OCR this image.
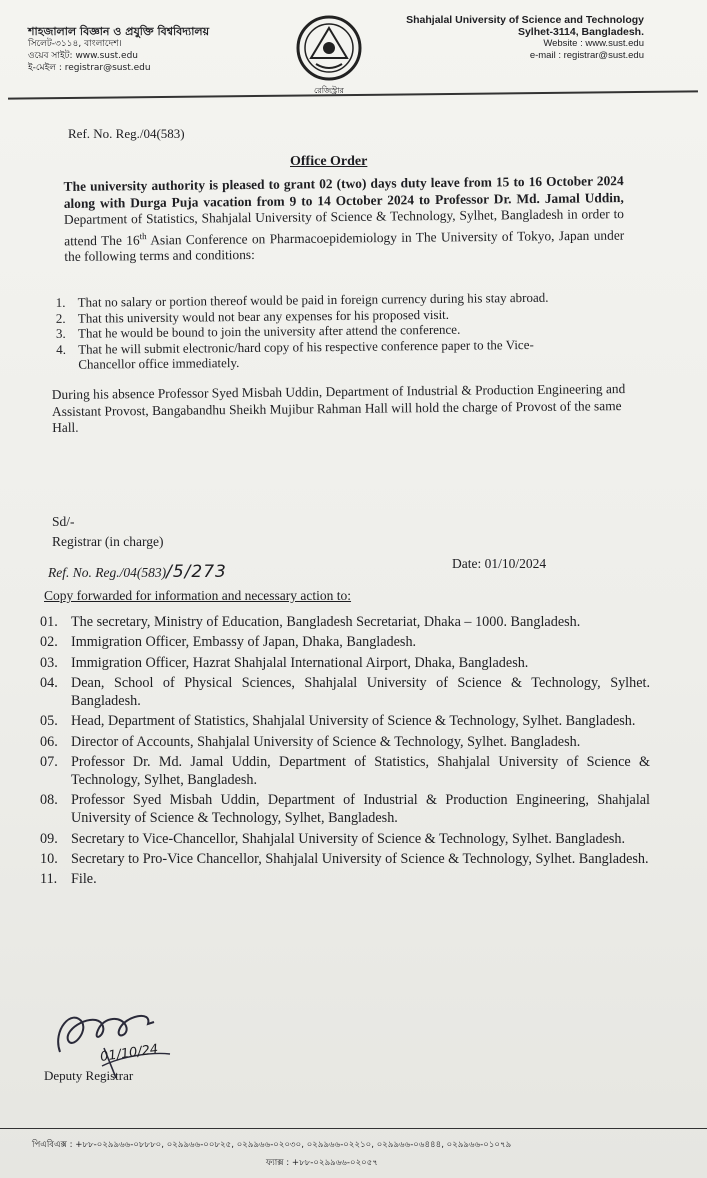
শাহজালাল বিজ্ঞান ও প্রযুক্তি বিশ্ববিদ্যালয়
সিলেট-৩১১৪, বাংলাদেশ।
ওয়েব সাইট: www.sust.edu
ই-মেইল : registrar@sust.edu
রেজিস্ট্রার
Shahjalal University of Science and Technology
Sylhet-3114, Bangladesh.
Website : www.sust.edu
e-mail : registrar@sust.edu
Ref. No. Reg./04(583)
Office Order
The university authority is pleased to grant 02 (two) days duty leave from 15 to 16 October 2024 along with Durga Puja vacation from 9 to 14 October 2024 to Professor Dr. Md. Jamal Uddin, Department of Statistics, Shahjalal University of Science & Technology, Sylhet, Bangladesh in order to attend The 16th Asian Conference on Pharmacoepidemiology in The University of Tokyo, Japan under the following terms and conditions:
1. That no salary or portion thereof would be paid in foreign currency during his stay abroad.
2. That this university would not bear any expenses for his proposed visit.
3. That he would be bound to join the university after attend the conference.
4. That he will submit electronic/hard copy of his respective conference paper to the Vice-Chancellor office immediately.
During his absence Professor Syed Misbah Uddin, Department of Industrial & Production Engineering and Assistant Provost, Bangabandhu Sheikh Mujibur Rahman Hall will hold the charge of Provost of the same Hall.
Sd/-
Registrar (in charge)
Ref. No. Reg./04(583)/5/273	Date: 01/10/2024
Copy forwarded for information and necessary action to:
01. The secretary, Ministry of Education, Bangladesh Secretariat, Dhaka – 1000. Bangladesh.
02. Immigration Officer, Embassy of Japan, Dhaka, Bangladesh.
03. Immigration Officer, Hazrat Shahjalal International Airport, Dhaka, Bangladesh.
04. Dean, School of Physical Sciences, Shahjalal University of Science & Technology, Sylhet. Bangladesh.
05. Head, Department of Statistics, Shahjalal University of Science & Technology, Sylhet. Bangladesh.
06. Director of Accounts, Shahjalal University of Science & Technology, Sylhet. Bangladesh.
07. Professor Dr. Md. Jamal Uddin, Department of Statistics, Shahjalal University of Science & Technology, Sylhet, Bangladesh.
08. Professor Syed Misbah Uddin, Department of Industrial & Production Engineering, Shahjalal University of Science & Technology, Sylhet, Bangladesh.
09. Secretary to Vice-Chancellor, Shahjalal University of Science & Technology, Sylhet. Bangladesh.
10. Secretary to Pro-Vice Chancellor, Shahjalal University of Science & Technology, Sylhet. Bangladesh.
11. File.
01/10/24
Deputy Registrar
পিএবিএক্স : +৮৮-০২৯৯৬৬-০৮৮৮০, ০২৯৯৬৬-০০৮২৫, ০২৯৯৬৬-০২০৩০, ০২৯৯৬৬-০২২১০, ০২৯৯৬৬-০৬৪৪৪, ০২৯৯৬৬-০১০৭৯
ফ্যাক্স : +৮৮-০২৯৯৬৬-০২০৫৭
